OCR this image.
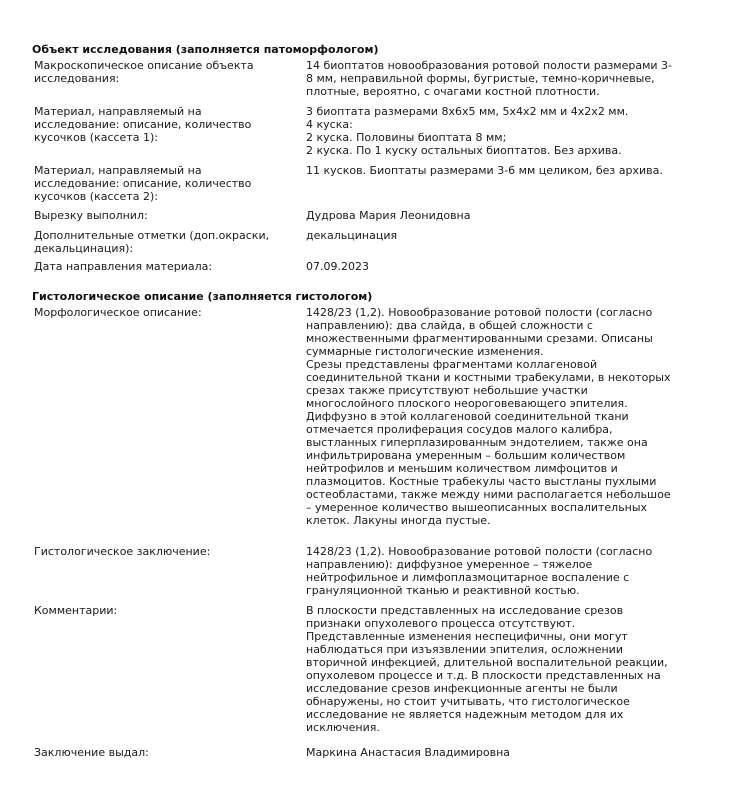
Объект исследования (заполняется патоморфологом)
Макроскопическое описание объекта
исследования:
14 биоптатов новообразования ротовой полости размерами 3-
8 мм, неправильной формы, бугристые, темно-коричневые,
плотные, вероятно, с очагами костной плотности.
Материал, направляемый на
исследование: описание, количество
кусочков (кассета 1):
3 биоптата размерами 8х6х5 мм, 5х4х2 мм и 4х2х2 мм.
4 куска:
2 куска. Половины биоптата 8 мм;
2 куска. По 1 куску остальных биоптатов. Без архива.
Материал, направляемый на
исследование: описание, количество
кусочков (кассета 2):
11 кусков. Биоптаты размерами 3-6 мм целиком, без архива.
Вырезку выполнил:	Дудрова Мария Леонидовна
Дополнительные отметки (доп.окраски,
декальцинация):
декальцинация
Дата направления материала:	07.09.2023
Гистологическое описание (заполняется гистологом)
Морфологическое описание:	1428/23 (1,2). Новообразование ротовой полости (согласно
направлению): два слайда, в общей сложности с
множественными фрагментированными срезами. Описаны
суммарные гистологические изменения.
Срезы представлены фрагментами коллагеновой
соединительной ткани и костными трабекулами, в некоторых
срезах также присутствуют небольшие участки
многослойного плоского неороговевающего эпителия.
Диффузно в этой коллагеновой соединительной ткани
отмечается пролиферация сосудов малого калибра,
выстланных гиперплазированным эндотелием, также она
инфильтрирована умеренным – большим количеством
нейтрофилов и меньшим количеством лимфоцитов и
плазмоцитов. Костные трабекулы часто выстланы пухлыми
остеобластами, также между ними располагается небольшое
– умеренное количество вышеописанных воспалительных
клеток. Лакуны иногда пустые.
Гистологическое заключение:	1428/23 (1,2). Новообразование ротовой полости (согласно
направлению): диффузное умеренное – тяжелое
нейтрофильное и лимфоплазмоцитарное воспаление с
грануляционной тканью и реактивной костью.
Комментарии:	В плоскости представленных на исследование срезов
признаки опухолевого процесса отсутствуют.
Представленные изменения неспецифичны, они могут
наблюдаться при изъязвлении эпителия, осложнении
вторичной инфекцией, длительной воспалительной реакции,
опухолевом процессе и т.д. В плоскости представленных на
исследование срезов инфекционные агенты не были
обнаружены, но стоит учитывать, что гистологическое
исследование не является надежным методом для их
исключения.
Заключение выдал:	Маркина Анастасия Владимировна
